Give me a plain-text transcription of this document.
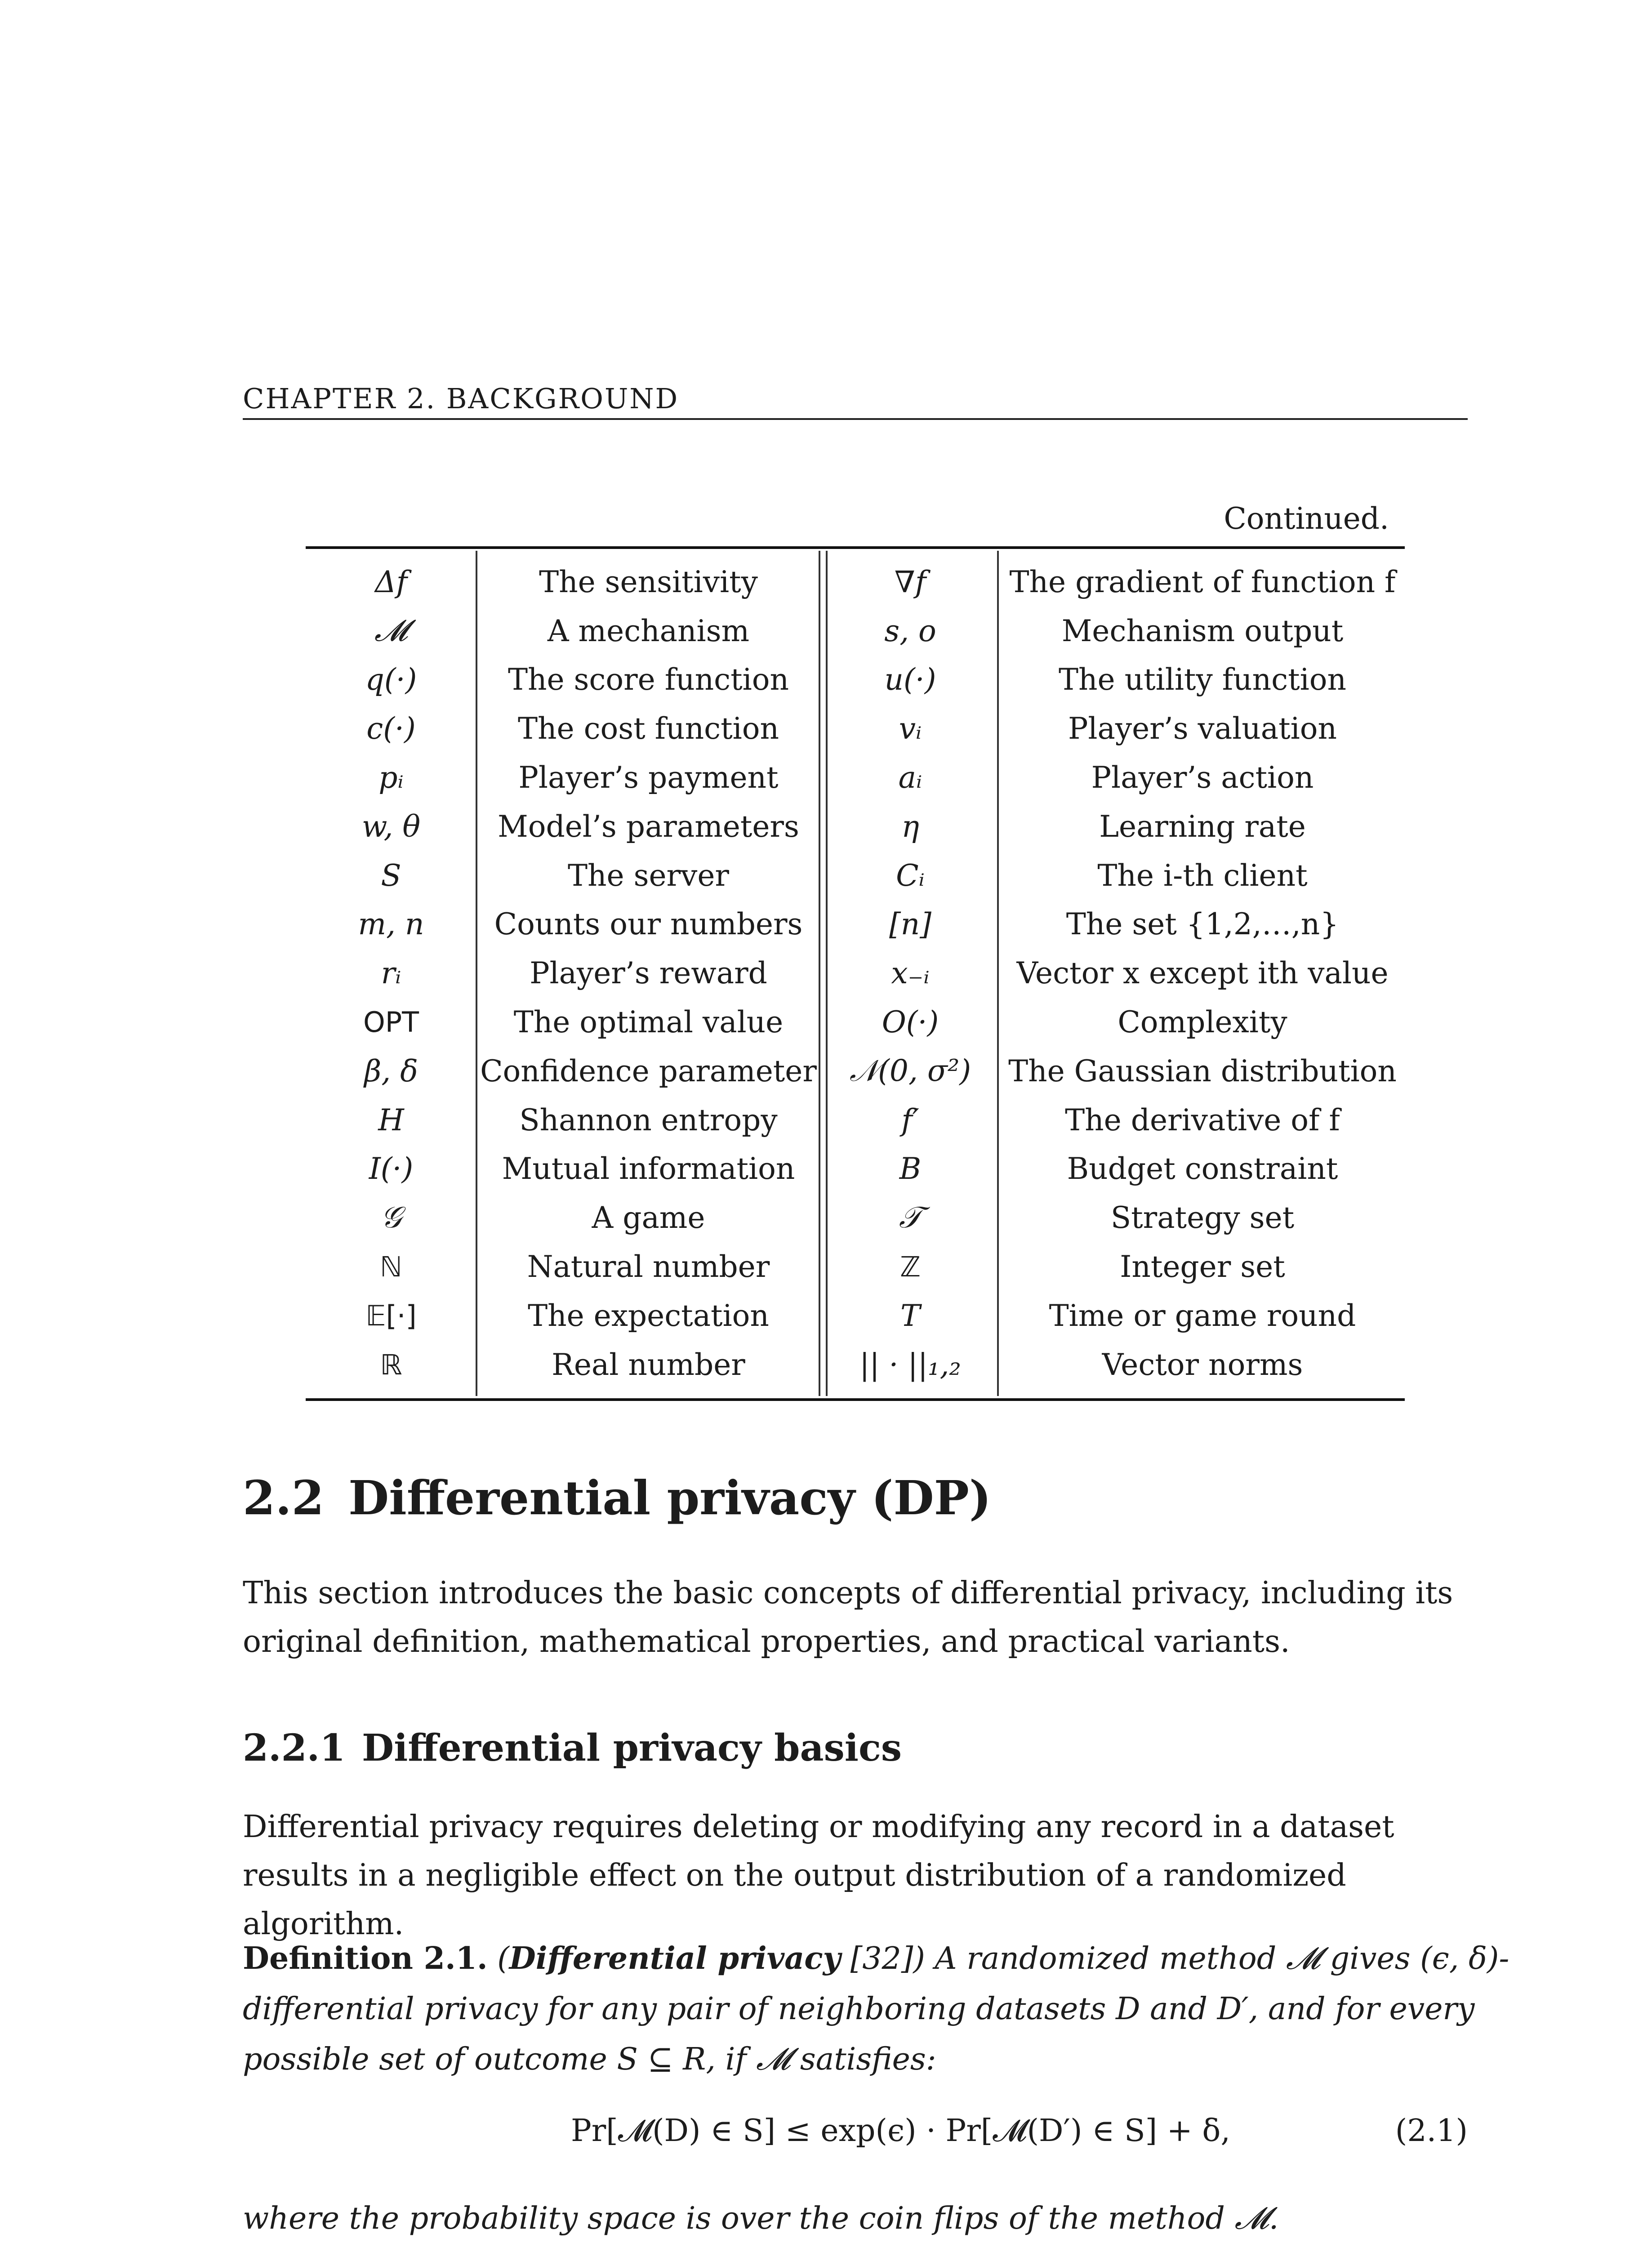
CHAPTER 2. BACKGROUND
Continued.
Δf	The sensitivity	∇f	The gradient of function f
𝓜	A mechanism	s, o	Mechanism output
q(·)	The score function	u(·)	The utility function
c(·)	The cost function	vᵢ	Player’s valuation
pᵢ	Player’s payment	aᵢ	Player’s action
w, θ	Model’s parameters	η	Learning rate
S	The server	Cᵢ	The i-th client
m, n	Counts our numbers	[n]	The set {1,2,…,n}
rᵢ	Player’s reward	x₋ᵢ	Vector x except ith value
OPT	The optimal value	O(·)	Complexity
β, δ	Confidence parameter	𝒩(0, σ²)	The Gaussian distribution
H	Shannon entropy	f′	The derivative of f
I(·)	Mutual information	B	Budget constraint
𝒢	A game	𝒯	Strategy set
ℕ	Natural number	ℤ	Integer set
𝔼[·]	The expectation	T	Time or game round
ℝ	Real number	|| · ||₁,₂	Vector norms
2.2 Differential privacy (DP)
This section introduces the basic concepts of differential privacy, including its original definition, mathematical properties, and practical variants.
2.2.1 Differential privacy basics
Differential privacy requires deleting or modifying any record in a dataset results in a negligible effect on the output distribution of a randomized algorithm.
Definition 2.1. (Differential privacy [32]) A randomized method 𝓜 gives (ϵ, δ)-differential privacy for any pair of neighboring datasets D and D′, and for every possible set of outcome S ⊆ R, if 𝓜 satisfies:
Pr[𝓜(D) ∈ S] ≤ exp(ϵ) · Pr[𝓜(D′) ∈ S] + δ,	(2.1)
where the probability space is over the coin flips of the method 𝓜.
